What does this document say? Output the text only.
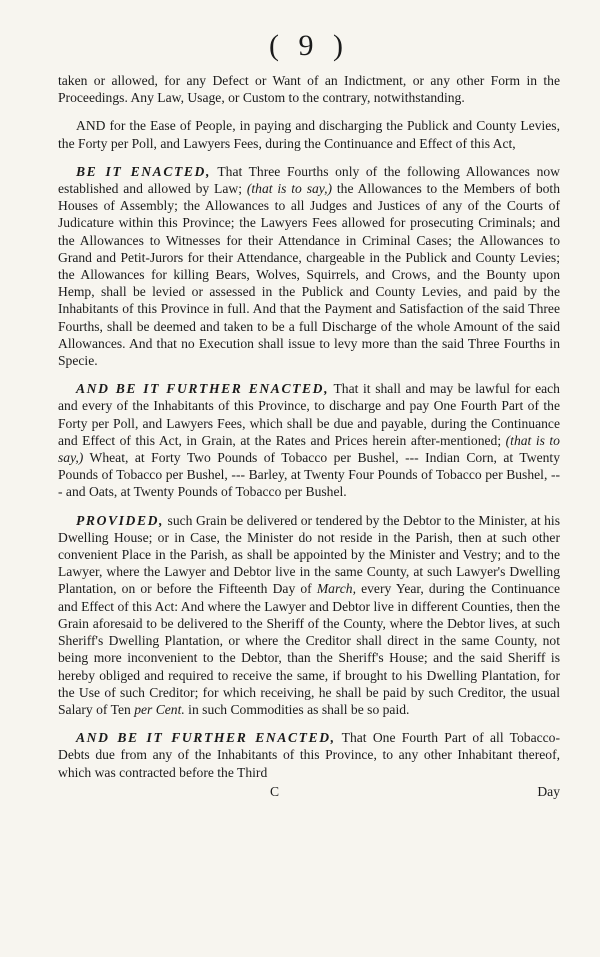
( 9 )

taken or allowed, for any Defect or Want of an Indictment, or any other Form in the Proceedings. Any Law, Usage, or Custom to the contrary, notwithstanding.

AND for the Ease of People, in paying and discharging the Publick and County Levies, the Forty per Poll, and Lawyers Fees, during the Continuance and Effect of this Act,

BE IT ENACTED, That Three Fourths only of the following Allowances now established and allowed by Law; (that is to say,) the Allowances to the Members of both Houses of Assembly; the Allowances to all Judges and Justices of any of the Courts of Judicature within this Province; the Lawyers Fees allowed for prosecuting Criminals; and the Allowances to Witnesses for their Attendance in Criminal Cases; the Allowances to Grand and Petit-Jurors for their Attendance, chargeable in the Publick and County Levies; the Allowances for killing Bears, Wolves, Squirrels, and Crows, and the Bounty upon Hemp, shall be levied or assessed in the Publick and County Levies, and paid by the Inhabitants of this Province in full. And that the Payment and Satisfaction of the said Three Fourths, shall be deemed and taken to be a full Discharge of the whole Amount of the said Allowances. And that no Execution shall issue to levy more than the said Three Fourths in Specie.

AND BE IT FURTHER ENACTED, That it shall and may be lawful for each and every of the Inhabitants of this Province, to discharge and pay One Fourth Part of the Forty per Poll, and Lawyers Fees, which shall be due and payable, during the Continuance and Effect of this Act, in Grain, at the Rates and Prices herein after-mentioned; (that is to say,) Wheat, at Forty Two Pounds of Tobacco per Bushel, --- Indian Corn, at Twenty Pounds of Tobacco per Bushel, --- Barley, at Twenty Four Pounds of Tobacco per Bushel, --- and Oats, at Twenty Pounds of Tobacco per Bushel.

PROVIDED, such Grain be delivered or tendered by the Debtor to the Minister, at his Dwelling House; or in Case, the Minister do not reside in the Parish, then at such other convenient Place in the Parish, as shall be appointed by the Minister and Vestry; and to the Lawyer, where the Lawyer and Debtor live in the same County, at such Lawyer's Dwelling Plantation, on or before the Fifteenth Day of March, every Year, during the Continuance and Effect of this Act: And where the Lawyer and Debtor live in different Counties, then the Grain aforesaid to be delivered to the Sheriff of the County, where the Debtor lives, at such Sheriff's Dwelling Plantation, or where the Creditor shall direct in the same County, not being more inconvenient to the Debtor, than the Sheriff's House; and the said Sheriff is hereby obliged and required to receive the same, if brought to his Dwelling Plantation, for the Use of such Creditor; for which receiving, he shall be paid by such Creditor, the usual Salary of Ten per Cent. in such Commodities as shall be so paid.

AND BE IT FURTHER ENACTED, That One Fourth Part of all Tobacco-Debts due from any of the Inhabitants of this Province, to any other Inhabitant thereof, which was contracted before the Third

C	Day
